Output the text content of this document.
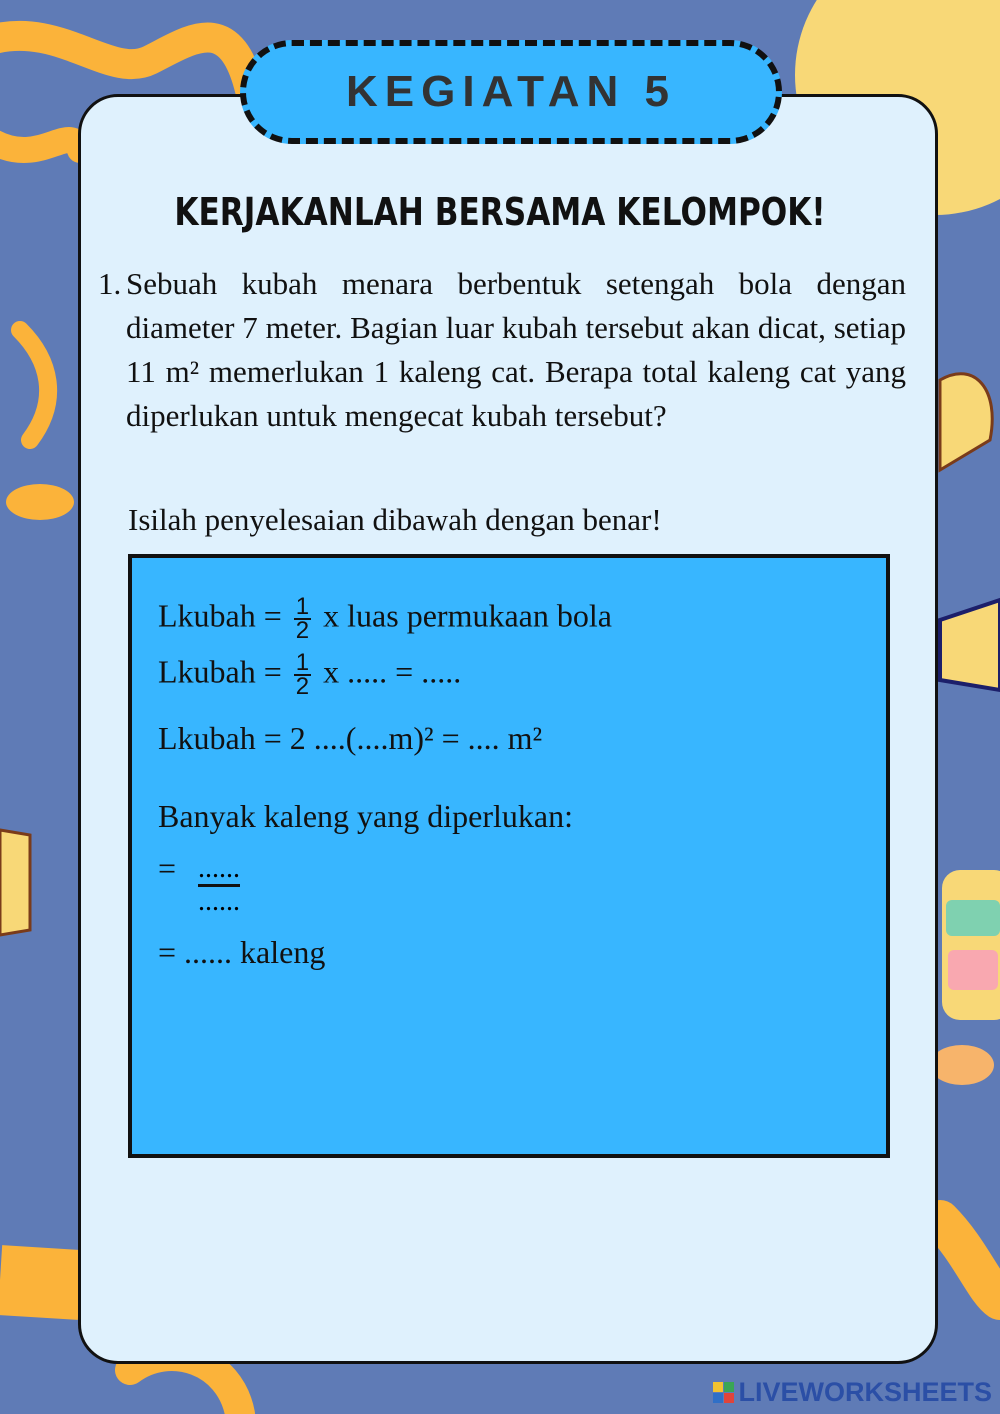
KEGIATAN 5
KERJAKANLAH BERSAMA KELOMPOK!
1. Sebuah kubah menara berbentuk setengah bola dengan diameter 7 meter. Bagian luar kubah tersebut akan dicat, setiap 11 m² memerlukan 1 kaleng cat. Berapa total kaleng cat yang diperlukan untuk mengecat kubah tersebut?
Isilah penyelesaian dibawah dengan benar!
Lkubah = $\frac{1}{2}$ x luas permukaan bola
Lkubah = $\frac{1}{2}$ x ..... = .....
Lkubah = 2 ....(....m)² = .... m²
Banyak kaleng yang diperlukan:
= ......
......
= ...... kaleng
LIVEWORKSHEETS
